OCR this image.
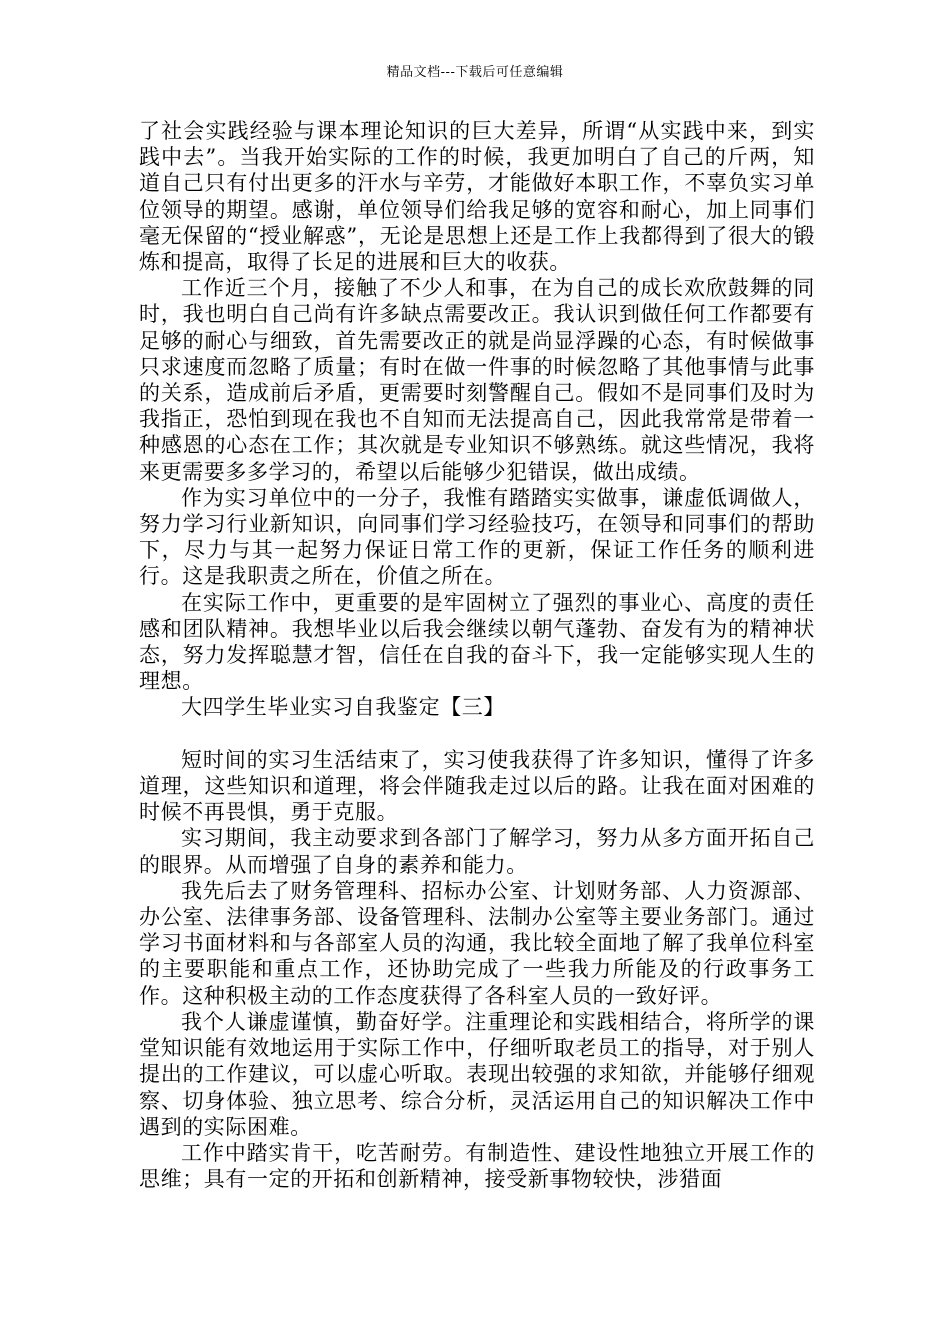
精品文档---下载后可任意编辑

了社会实践经验与课本理论知识的巨大差异，所谓“从实践中来，到实践中去”。当我开始实际的工作的时候，我更加明白了自己的斤两，知道自己只有付出更多的汗水与辛劳，才能做好本职工作，不辜负实习单位领导的期望。感谢，单位领导们给我足够的宽容和耐心，加上同事们毫无保留的“授业解惑”，无论是思想上还是工作上我都得到了很大的锻炼和提高，取得了长足的进展和巨大的收获。

工作近三个月，接触了不少人和事，在为自己的成长欢欣鼓舞的同时，我也明白自己尚有许多缺点需要改正。我认识到做任何工作都要有足够的耐心与细致，首先需要改正的就是尚显浮躁的心态，有时候做事只求速度而忽略了质量；有时在做一件事的时候忽略了其他事情与此事的关系，造成前后矛盾，更需要时刻警醒自己。假如不是同事们及时为我指正，恐怕到现在我也不自知而无法提高自己，因此我常常是带着一种感恩的心态在工作；其次就是专业知识不够熟练。就这些情况，我将来更需要多多学习的，希望以后能够少犯错误，做出成绩。

作为实习单位中的一分子，我惟有踏踏实实做事，谦虚低调做人，努力学习行业新知识，向同事们学习经验技巧，在领导和同事们的帮助下，尽力与其一起努力保证日常工作的更新，保证工作任务的顺利进行。这是我职责之所在，价值之所在。

在实际工作中，更重要的是牢固树立了强烈的事业心、高度的责任感和团队精神。我想毕业以后我会继续以朝气蓬勃、奋发有为的精神状态，努力发挥聪慧才智，信任在自我的奋斗下，我一定能够实现人生的理想。

大四学生毕业实习自我鉴定【三】

短时间的实习生活结束了，实习使我获得了许多知识，懂得了许多道理，这些知识和道理，将会伴随我走过以后的路。让我在面对困难的时候不再畏惧，勇于克服。

实习期间，我主动要求到各部门了解学习，努力从多方面开拓自己的眼界。从而增强了自身的素养和能力。

我先后去了财务管理科、招标办公室、计划财务部、人力资源部、办公室、法律事务部、设备管理科、法制办公室等主要业务部门。通过学习书面材料和与各部室人员的沟通，我比较全面地了解了我单位科室的主要职能和重点工作，还协助完成了一些我力所能及的行政事务工作。这种积极主动的工作态度获得了各科室人员的一致好评。

我个人谦虚谨慎，勤奋好学。注重理论和实践相结合，将所学的课堂知识能有效地运用于实际工作中，仔细听取老员工的指导，对于别人提出的工作建议，可以虚心听取。表现出较强的求知欲，并能够仔细观察、切身体验、独立思考、综合分析，灵活运用自己的知识解决工作中遇到的实际困难。

工作中踏实肯干，吃苦耐劳。有制造性、建设性地独立开展工作的思维；具有一定的开拓和创新精神，接受新事物较快，涉猎面
